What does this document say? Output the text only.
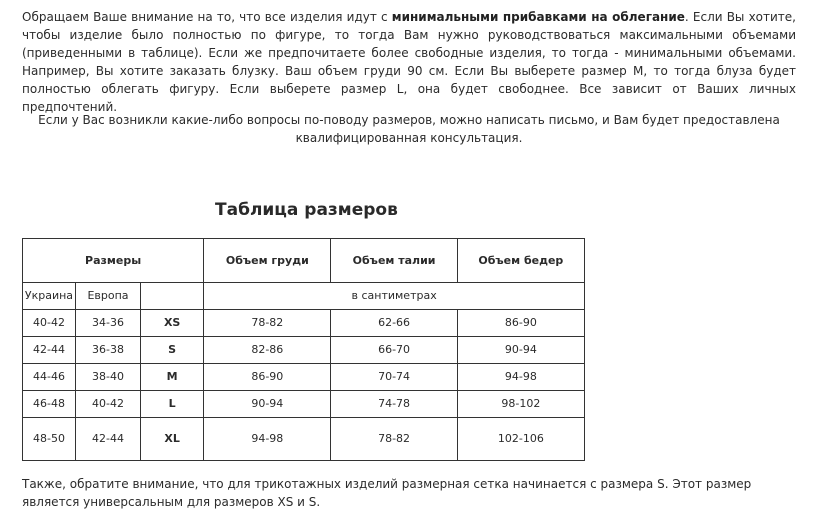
Обращаем Ваше внимание на то, что все изделия идут с минимальными прибавками на облегание. Если Вы хотите, чтобы изделие было полностью по фигуре, то тогда Вам нужно руководствоваться максимальными объемами (приведенными в таблице). Если же предпочитаете более свободные изделия, то тогда - минимальными объемами. Например, Вы хотите заказать блузку. Ваш объем груди 90 см. Если Вы выберете размер M, то тогда блуза будет полностью облегать фигуру. Если выберете размер L, она будет свободнее. Все зависит от Ваших личных предпочтений.

Если у Вас возникли какие-либо вопросы по-поводу размеров, можно написать письмо, и Вам будет предоставлена квалифицированная консультация.

Таблица размеров
Размеры			Объем груди	Объем талии	Объем бедер
Украина	Европа		в сантиметрах		
40-42	34-36	XS	78-82	62-66	86-90
42-44	36-38	S	82-86	66-70	90-94
44-46	38-40	M	86-90	70-74	94-98
46-48	40-42	L	90-94	74-78	98-102
48-50	42-44	XL	94-98	78-82	102-106

Также, обратите внимание, что для трикотажных изделий размерная сетка начинается с размера S. Этот размер является универсальным для размеров XS и S.
